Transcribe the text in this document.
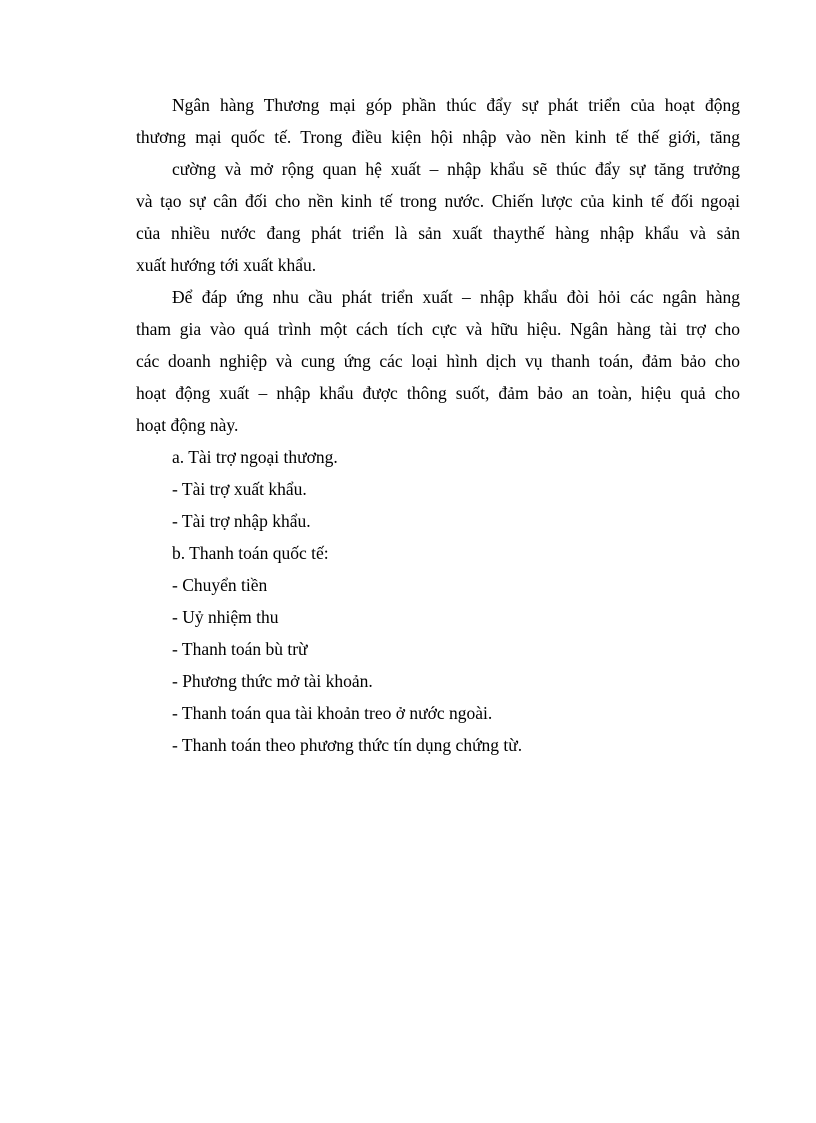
Ngân hàng Thương mại góp phần thúc đẩy sự phát triển của hoạt động
thương mại quốc tế. Trong điều kiện hội nhập vào nền kinh tế thế giới, tăng
cường và mở rộng quan hệ xuất – nhập khẩu sẽ thúc đẩy sự tăng trưởng
và tạo sự cân đối cho nền kinh tế trong nước. Chiến lược của kinh tế đối ngoại
của nhiều nước đang phát triển là sản xuất thaythế hàng nhập khẩu và sản
xuất hướng tới xuất khẩu.
Để đáp ứng nhu cầu phát triển xuất – nhập khẩu đòi hỏi các ngân hàng
tham gia vào quá trình một cách tích cực và hữu hiệu. Ngân hàng tài trợ cho
các doanh nghiệp và cung ứng các loại hình dịch vụ thanh toán, đảm bảo cho
hoạt động xuất – nhập khẩu được thông suốt, đảm bảo an toàn, hiệu quả cho
hoạt động này.
a. Tài trợ ngoại thương.
- Tài trợ xuất khẩu.
- Tài trợ nhập khẩu.
b. Thanh toán quốc tế:
- Chuyển tiền
- Uỷ nhiệm thu
- Thanh toán bù trừ
- Phương thức mở tài khoản.
- Thanh toán qua tài khoản treo ở nước ngoài.
- Thanh toán theo phương thức tín dụng chứng từ.
